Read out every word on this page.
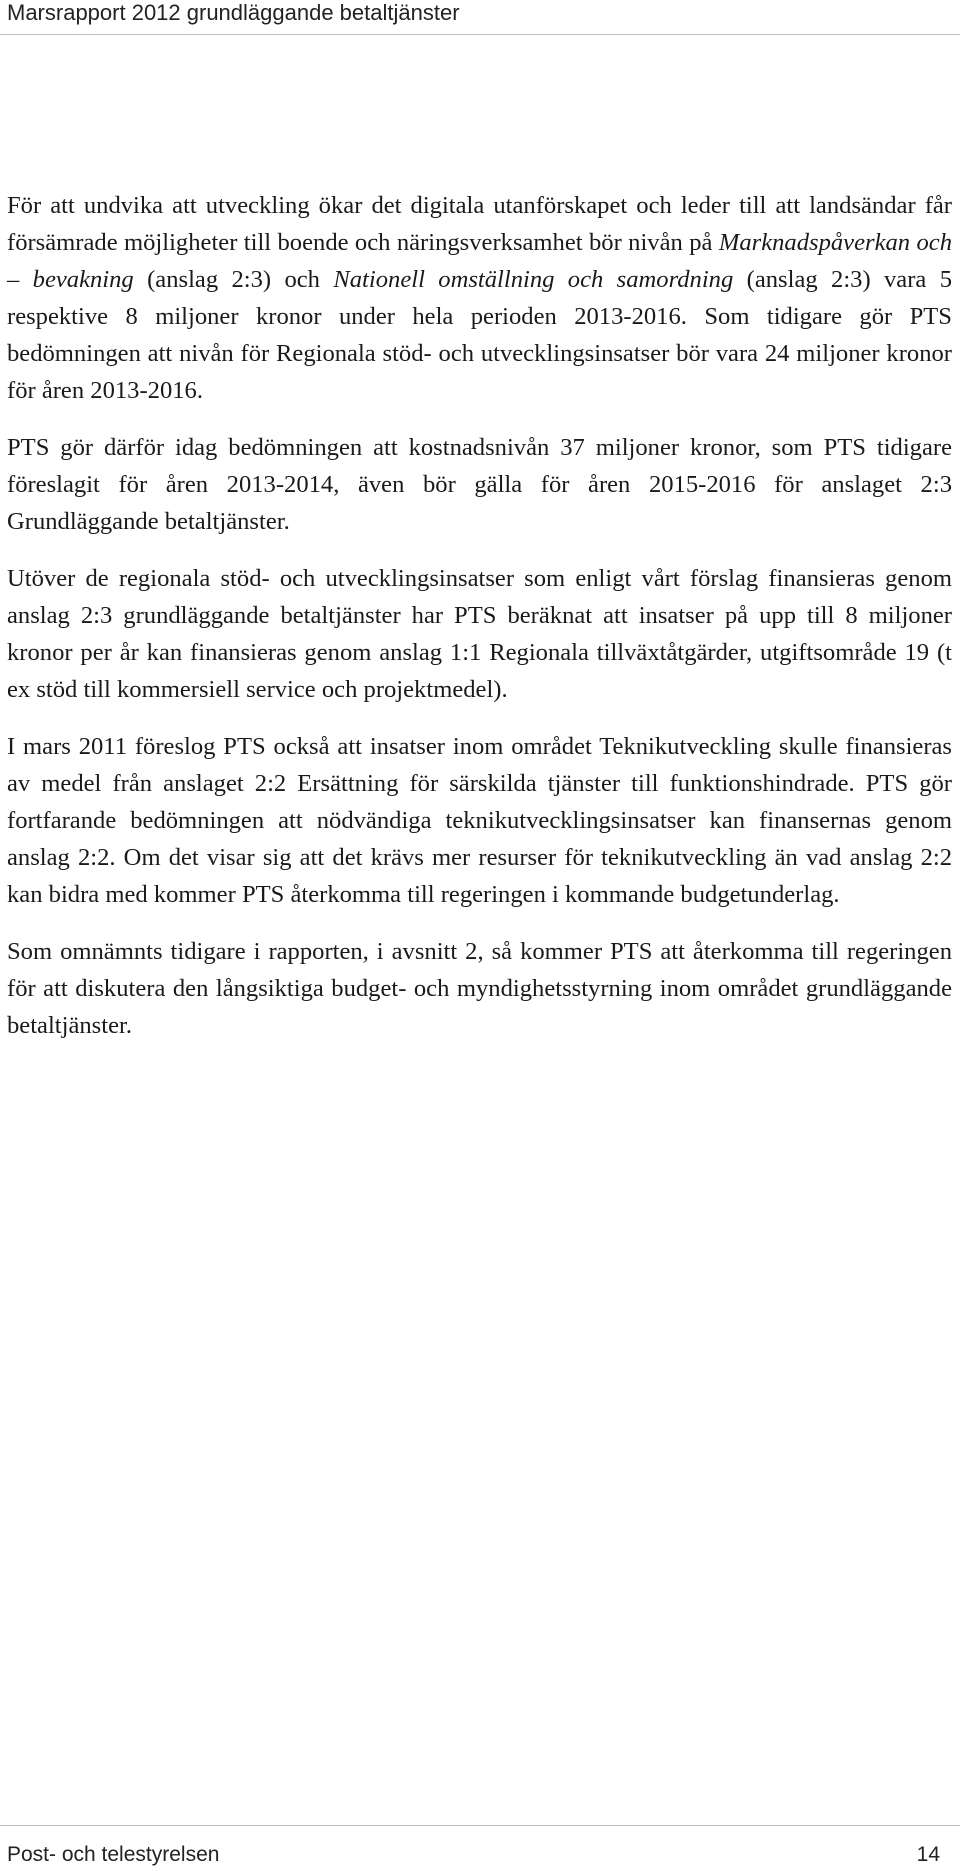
Marsrapport 2012 grundläggande betaltjänster

För att undvika att utveckling ökar det digitala utanförskapet och leder till att landsändar får försämrade möjligheter till boende och näringsverksamhet bör nivån på Marknadspåverkan och – bevakning (anslag 2:3) och Nationell omställning och samordning (anslag 2:3) vara 5 respektive 8 miljoner kronor under hela perioden 2013-2016. Som tidigare gör PTS bedömningen att nivån för Regionala stöd- och utvecklingsinsatser bör vara 24 miljoner kronor för åren 2013-2016.

PTS gör därför idag bedömningen att kostnadsnivån 37 miljoner kronor, som PTS tidigare föreslagit för åren 2013-2014, även bör gälla för åren 2015-2016 för anslaget 2:3 Grundläggande betaltjänster.

Utöver de regionala stöd- och utvecklingsinsatser som enligt vårt förslag finansieras genom anslag 2:3 grundläggande betaltjänster har PTS beräknat att insatser på upp till 8 miljoner kronor per år kan finansieras genom anslag 1:1 Regionala tillväxtåtgärder, utgiftsområde 19 (t ex stöd till kommersiell service och projektmedel).

I mars 2011 föreslog PTS också att insatser inom området Teknikutveckling skulle finansieras av medel från anslaget 2:2 Ersättning för särskilda tjänster till funktionshindrade. PTS gör fortfarande bedömningen att nödvändiga teknikutvecklingsinsatser kan finansernas genom anslag 2:2. Om det visar sig att det krävs mer resurser för teknikutveckling än vad anslag 2:2 kan bidra med kommer PTS återkomma till regeringen i kommande budgetunderlag.

Som omnämnts tidigare i rapporten, i avsnitt 2, så kommer PTS att återkomma till regeringen för att diskutera den långsiktiga budget- och myndighetsstyrning inom området grundläggande betaltjänster.

Post- och telestyrelsen	14
